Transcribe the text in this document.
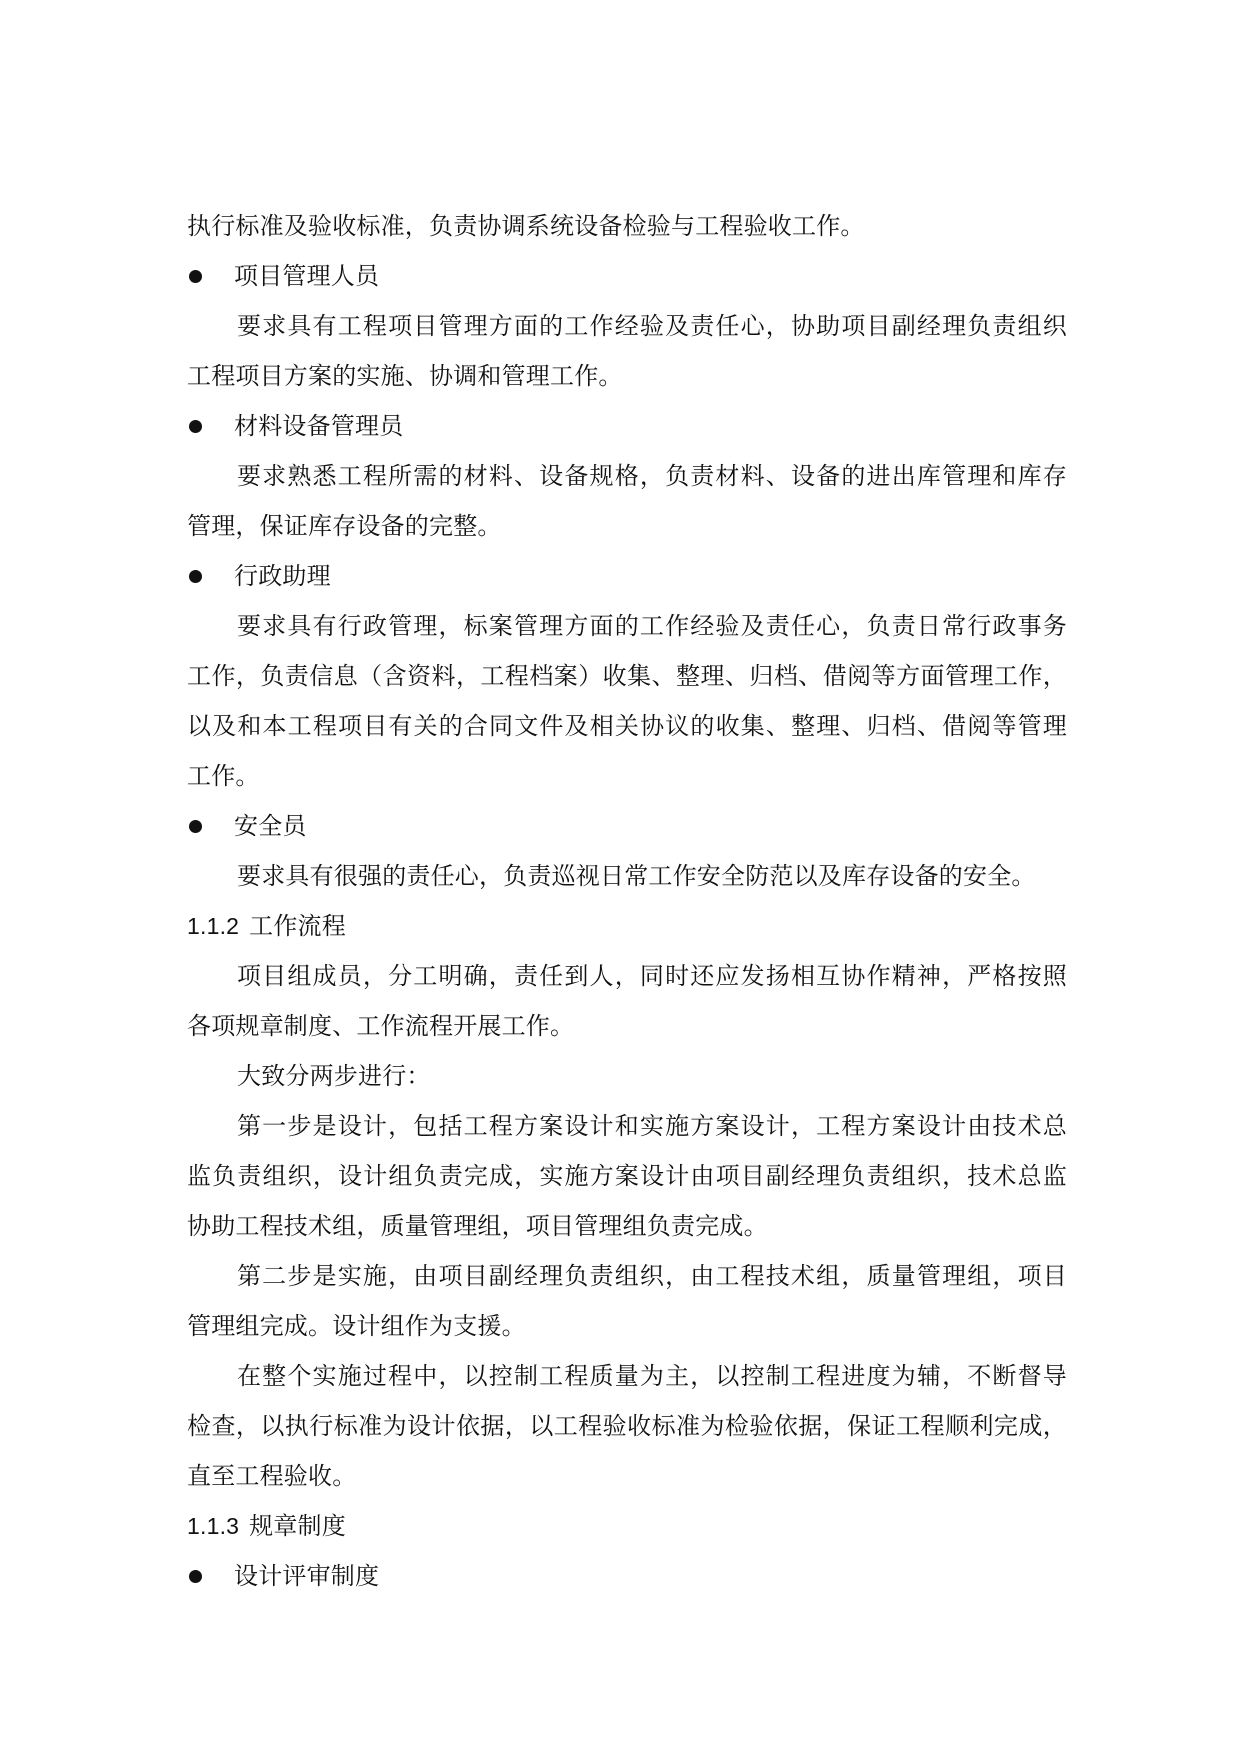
执行标准及验收标准，负责协调系统设备检验与工程验收工作。
项目管理人员
要求具有工程项目管理方面的工作经验及责任心，协助项目副经理负责组织
工程项目方案的实施、协调和管理工作。
材料设备管理员
要求熟悉工程所需的材料、设备规格，负责材料、设备的进出库管理和库存
管理，保证库存设备的完整。
行政助理
要求具有行政管理，标案管理方面的工作经验及责任心，负责日常行政事务
工作，负责信息（含资料，工程档案）收集、整理、归档、借阅等方面管理工作，
以及和本工程项目有关的合同文件及相关协议的收集、整理、归档、借阅等管理
工作。
安全员
要求具有很强的责任心，负责巡视日常工作安全防范以及库存设备的安全。
1.1.2 工作流程
项目组成员，分工明确，责任到人，同时还应发扬相互协作精神，严格按照
各项规章制度、工作流程开展工作。
大致分两步进行：
第一步是设计，包括工程方案设计和实施方案设计，工程方案设计由技术总
监负责组织，设计组负责完成，实施方案设计由项目副经理负责组织，技术总监
协助工程技术组，质量管理组，项目管理组负责完成。
第二步是实施，由项目副经理负责组织，由工程技术组，质量管理组，项目
管理组完成。设计组作为支援。
在整个实施过程中，以控制工程质量为主，以控制工程进度为辅，不断督导
检查，以执行标准为设计依据，以工程验收标准为检验依据，保证工程顺利完成，
直至工程验收。
1.1.3 规章制度
设计评审制度
